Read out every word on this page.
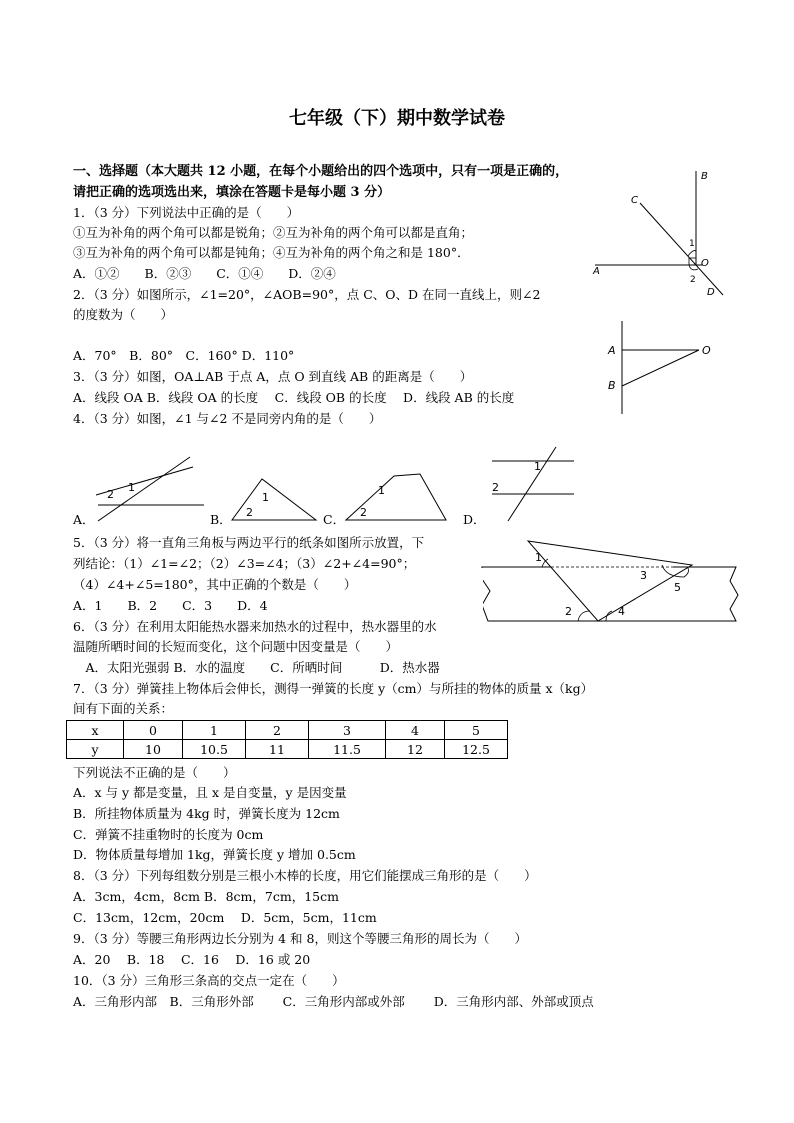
七年级（下）期中数学试卷
一、选择题（本大题共 12 小题，在每个小题给出的四个选项中，只有一项是正确的，
请把正确的选项选出来，填涂在答题卡是每小题 3 分）
1．（3 分）下列说法中正确的是（　　）
①互为补角的两个角可以都是锐角；②互为补角的两个角可以都是直角；
③互为补角的两个角可以都是钝角；④互为补角的两个角之和是 180°．
A．①②　　B．②③　　C．①④　　D．②④
2．（3 分）如图所示，∠1=20°，∠AOB=90°，点 C、O、D 在同一直线上，则∠2
的度数为（　　）
A．70°　B．80°　C．160° D．110°
3．（3 分）如图，OA⊥AB 于点 A，点 O 到直线 AB 的距离是（　　）
A．线段 OA B．线段 OA 的长度　 C．线段 OB 的长度　 D．线段 AB 的长度
4．（3 分）如图，∠1 与∠2 不是同旁内角的是（　　）
A．	B．	C．	D．
5．（3 分）将一直角三角板与两边平行的纸条如图所示放置，下
列结论：（1）∠1=∠2；（2）∠3=∠4；（3）∠2+∠4=90°；
（4）∠4+∠5=180°，其中正确的个数是（　　）
A．1　　B．2　　C．3　　D．4
6．（3 分）在利用太阳能热水器来加热水的过程中，热水器里的水
温随所晒时间的长短而变化，这个问题中因变量是（　　）
　A．太阳光强弱 B．水的温度　　C．所晒时间　　　D．热水器
7．（3 分）弹簧挂上物体后会伸长，测得一弹簧的长度 y（cm）与所挂的物体的质量 x（kg）
间有下面的关系：
x	0	1	2	3	4	5
y	10	10.5	11	11.5	12	12.5
下列说法不正确的是（　　）
A．x 与 y 都是变量，且 x 是自变量，y 是因变量
B．所挂物体质量为 4kg 时，弹簧长度为 12cm
C．弹簧不挂重物时的长度为 0cm
D．物体质量每增加 1kg，弹簧长度 y 增加 0.5cm
8．（3 分）下列每组数分别是三根小木棒的长度，用它们能摆成三角形的是（　　）
A．3cm，4cm，8cm B．8cm，7cm，15cm
C．13cm，12cm，20cm　 D．5cm，5cm，11cm
9．（3 分）等腰三角形两边长分别为 4 和 8，则这个等腰三角形的周长为（　　）
A．20　 B．18　 C．16　 D．16 或 20
10．（3 分）三角形三条高的交点一定在（　　）
A．三角形内部　B．三角形外部　　 C．三角形内部或外部　　 D．三角形内部、外部或顶点
B
C
A
O
D
1
2
A	O
B
2
1
1
2
1
2
1
2
1
2
3
4
5
